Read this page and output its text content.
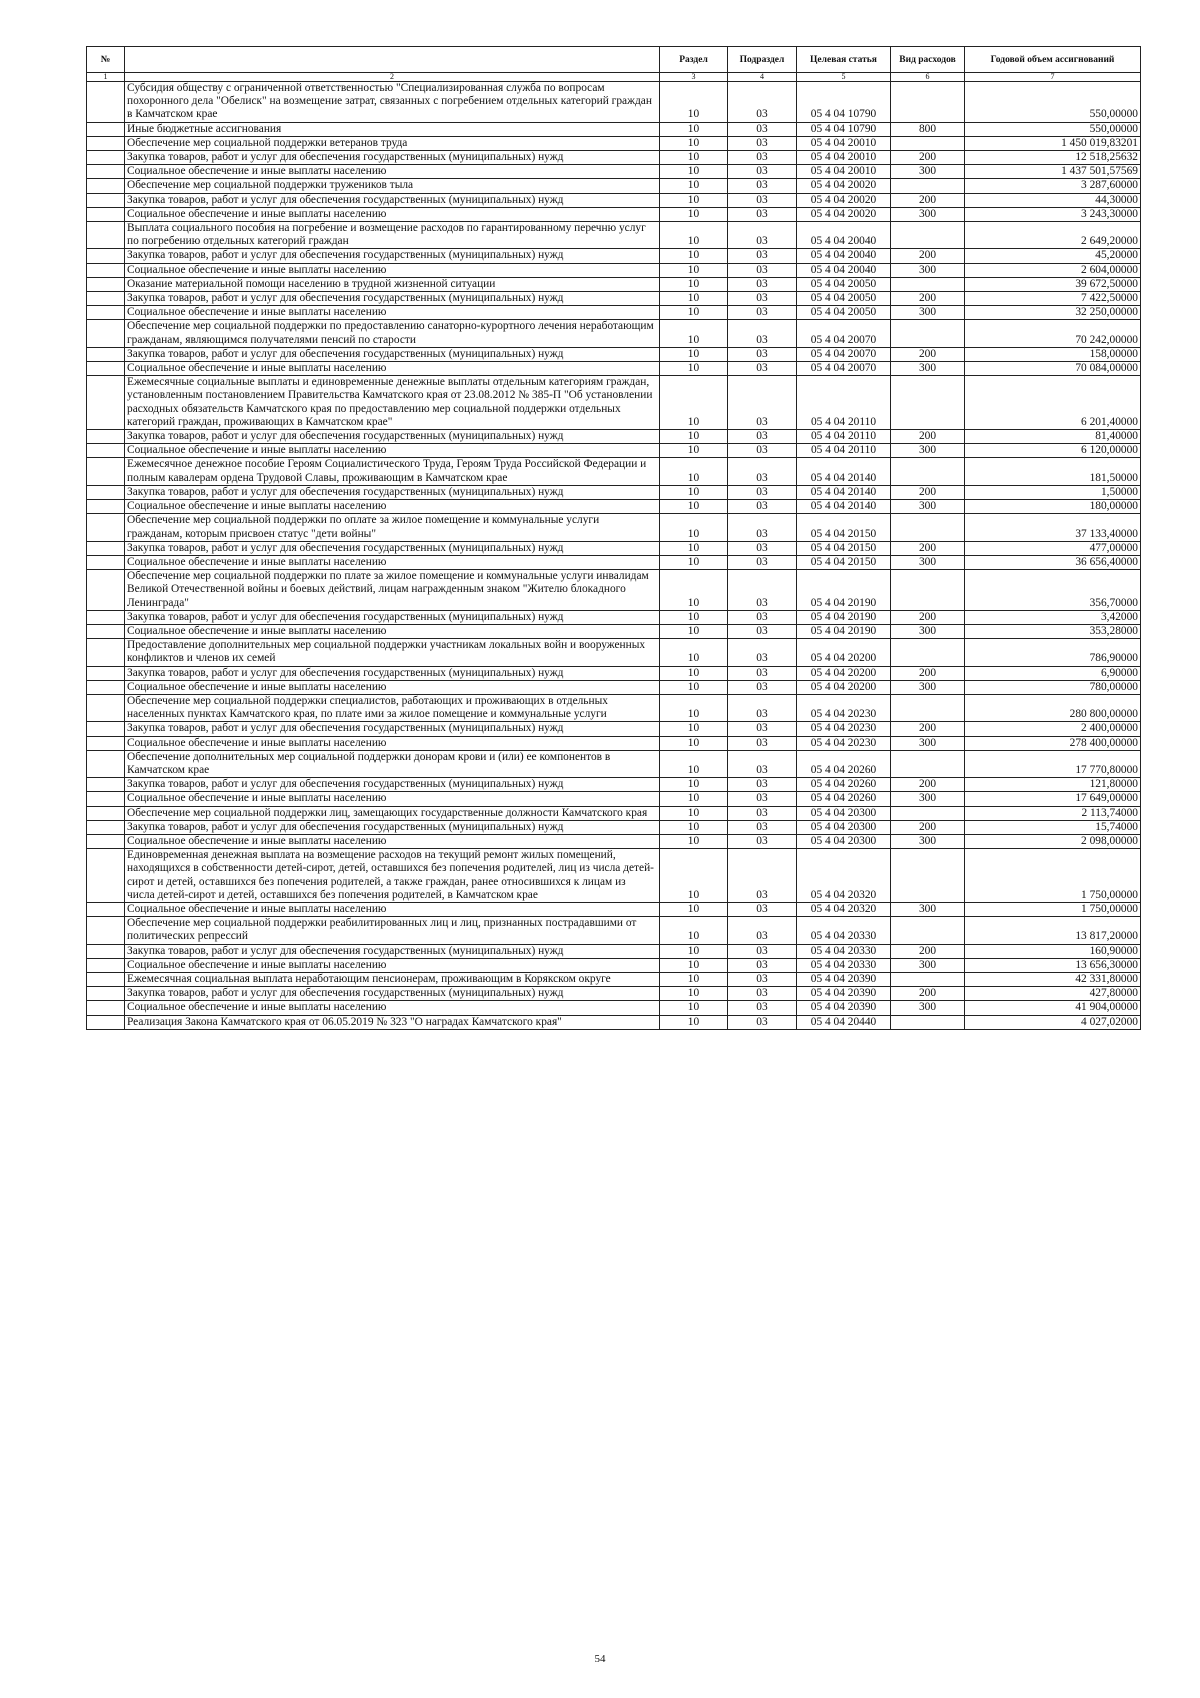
№		Раздел	Подраздел	Целевая статья	Вид расходов	Годовой объем ассигнований
1	2	3	4	5	6	7
	Субсидия обществу с ограниченной ответственностью "Специализированная служба по вопросам похоронного дела "Обелиск" на возмещение затрат, связанных с погребением отдельных категорий граждан в Камчатском крае	10	03	05 4 04 10790		550,00000
	Иные бюджетные ассигнования	10	03	05 4 04 10790	800	550,00000
	Обеспечение мер социальной поддержки ветеранов труда	10	03	05 4 04 20010		1 450 019,83201
	Закупка товаров, работ и услуг для обеспечения государственных (муниципальных) нужд	10	03	05 4 04 20010	200	12 518,25632
	Социальное обеспечение и иные выплаты населению	10	03	05 4 04 20010	300	1 437 501,57569
	Обеспечение мер социальной поддержки тружеников тыла	10	03	05 4 04 20020		3 287,60000
	Закупка товаров, работ и услуг для обеспечения государственных (муниципальных) нужд	10	03	05 4 04 20020	200	44,30000
	Социальное обеспечение и иные выплаты населению	10	03	05 4 04 20020	300	3 243,30000
	Выплата социального пособия на погребение и возмещение расходов по гарантированному перечню услуг по погребению отдельных категорий граждан	10	03	05 4 04 20040		2 649,20000
	Закупка товаров, работ и услуг для обеспечения государственных (муниципальных) нужд	10	03	05 4 04 20040	200	45,20000
	Социальное обеспечение и иные выплаты населению	10	03	05 4 04 20040	300	2 604,00000
	Оказание материальной помощи населению в трудной жизненной ситуации	10	03	05 4 04 20050		39 672,50000
	Закупка товаров, работ и услуг для обеспечения государственных (муниципальных) нужд	10	03	05 4 04 20050	200	7 422,50000
	Социальное обеспечение и иные выплаты населению	10	03	05 4 04 20050	300	32 250,00000
	Обеспечение мер социальной поддержки по предоставлению санаторно-курортного лечения неработающим гражданам, являющимся получателями пенсий по старости	10	03	05 4 04 20070		70 242,00000
	Закупка товаров, работ и услуг для обеспечения государственных (муниципальных) нужд	10	03	05 4 04 20070	200	158,00000
	Социальное обеспечение и иные выплаты населению	10	03	05 4 04 20070	300	70 084,00000
	Ежемесячные социальные выплаты и единовременные денежные выплаты отдельным категориям граждан, установленным постановлением Правительства Камчатского края от 23.08.2012 № 385-П "Об установлении расходных обязательств Камчатского края по предоставлению мер социальной поддержки отдельных категорий граждан, проживающих в Камчатском крае"	10	03	05 4 04 20110		6 201,40000
	Закупка товаров, работ и услуг для обеспечения государственных (муниципальных) нужд	10	03	05 4 04 20110	200	81,40000
	Социальное обеспечение и иные выплаты населению	10	03	05 4 04 20110	300	6 120,00000
	Ежемесячное денежное пособие Героям Социалистического Труда, Героям Труда Российской Федерации и полным кавалерам ордена Трудовой Славы, проживающим в Камчатском крае	10	03	05 4 04 20140		181,50000
	Закупка товаров, работ и услуг для обеспечения государственных (муниципальных) нужд	10	03	05 4 04 20140	200	1,50000
	Социальное обеспечение и иные выплаты населению	10	03	05 4 04 20140	300	180,00000
	Обеспечение мер социальной поддержки по оплате за жилое помещение и коммунальные услуги гражданам, которым присвоен статус "дети войны"	10	03	05 4 04 20150		37 133,40000
	Закупка товаров, работ и услуг для обеспечения государственных (муниципальных) нужд	10	03	05 4 04 20150	200	477,00000
	Социальное обеспечение и иные выплаты населению	10	03	05 4 04 20150	300	36 656,40000
	Обеспечение мер социальной поддержки по плате за жилое помещение и коммунальные услуги инвалидам Великой Отечественной войны и боевых действий, лицам награжденным знаком "Жителю блокадного Ленинграда"	10	03	05 4 04 20190		356,70000
	Закупка товаров, работ и услуг для обеспечения государственных (муниципальных) нужд	10	03	05 4 04 20190	200	3,42000
	Социальное обеспечение и иные выплаты населению	10	03	05 4 04 20190	300	353,28000
	Предоставление дополнительных мер социальной поддержки участникам локальных войн и вооруженных конфликтов и членов их семей	10	03	05 4 04 20200		786,90000
	Закупка товаров, работ и услуг для обеспечения государственных (муниципальных) нужд	10	03	05 4 04 20200	200	6,90000
	Социальное обеспечение и иные выплаты населению	10	03	05 4 04 20200	300	780,00000
	Обеспечение мер социальной поддержки специалистов, работающих и проживающих в отдельных населенных пунктах Камчатского края, по плате ими за жилое помещение и коммунальные услуги	10	03	05 4 04 20230		280 800,00000
	Закупка товаров, работ и услуг для обеспечения государственных (муниципальных) нужд	10	03	05 4 04 20230	200	2 400,00000
	Социальное обеспечение и иные выплаты населению	10	03	05 4 04 20230	300	278 400,00000
	Обеспечение дополнительных мер социальной поддержки донорам крови и (или) ее компонентов в Камчатском крае	10	03	05 4 04 20260		17 770,80000
	Закупка товаров, работ и услуг для обеспечения государственных (муниципальных) нужд	10	03	05 4 04 20260	200	121,80000
	Социальное обеспечение и иные выплаты населению	10	03	05 4 04 20260	300	17 649,00000
	Обеспечение мер социальной поддержки лиц, замещающих государственные должности Камчатского края	10	03	05 4 04 20300		2 113,74000
	Закупка товаров, работ и услуг для обеспечения государственных (муниципальных) нужд	10	03	05 4 04 20300	200	15,74000
	Социальное обеспечение и иные выплаты населению	10	03	05 4 04 20300	300	2 098,00000
	Единовременная денежная выплата на возмещение расходов на текущий ремонт жилых помещений, находящихся в собственности детей-сирот, детей, оставшихся без попечения родителей, лиц из числа детей-сирот и детей, оставшихся без попечения родителей, а также граждан, ранее относившихся к лицам из числа детей-сирот и детей, оставшихся без попечения родителей, в Камчатском крае	10	03	05 4 04 20320		1 750,00000
	Социальное обеспечение и иные выплаты населению	10	03	05 4 04 20320	300	1 750,00000
	Обеспечение мер социальной поддержки реабилитированных лиц и лиц, признанных пострадавшими от политических репрессий	10	03	05 4 04 20330		13 817,20000
	Закупка товаров, работ и услуг для обеспечения государственных (муниципальных) нужд	10	03	05 4 04 20330	200	160,90000
	Социальное обеспечение и иные выплаты населению	10	03	05 4 04 20330	300	13 656,30000
	Ежемесячная социальная выплата неработающим пенсионерам, проживающим в Корякском округе	10	03	05 4 04 20390		42 331,80000
	Закупка товаров, работ и услуг для обеспечения государственных (муниципальных) нужд	10	03	05 4 04 20390	200	427,80000
	Социальное обеспечение и иные выплаты населению	10	03	05 4 04 20390	300	41 904,00000
	Реализация Закона Камчатского края от 06.05.2019 № 323 "О наградах Камчатского края"	10	03	05 4 04 20440		4 027,02000
54
